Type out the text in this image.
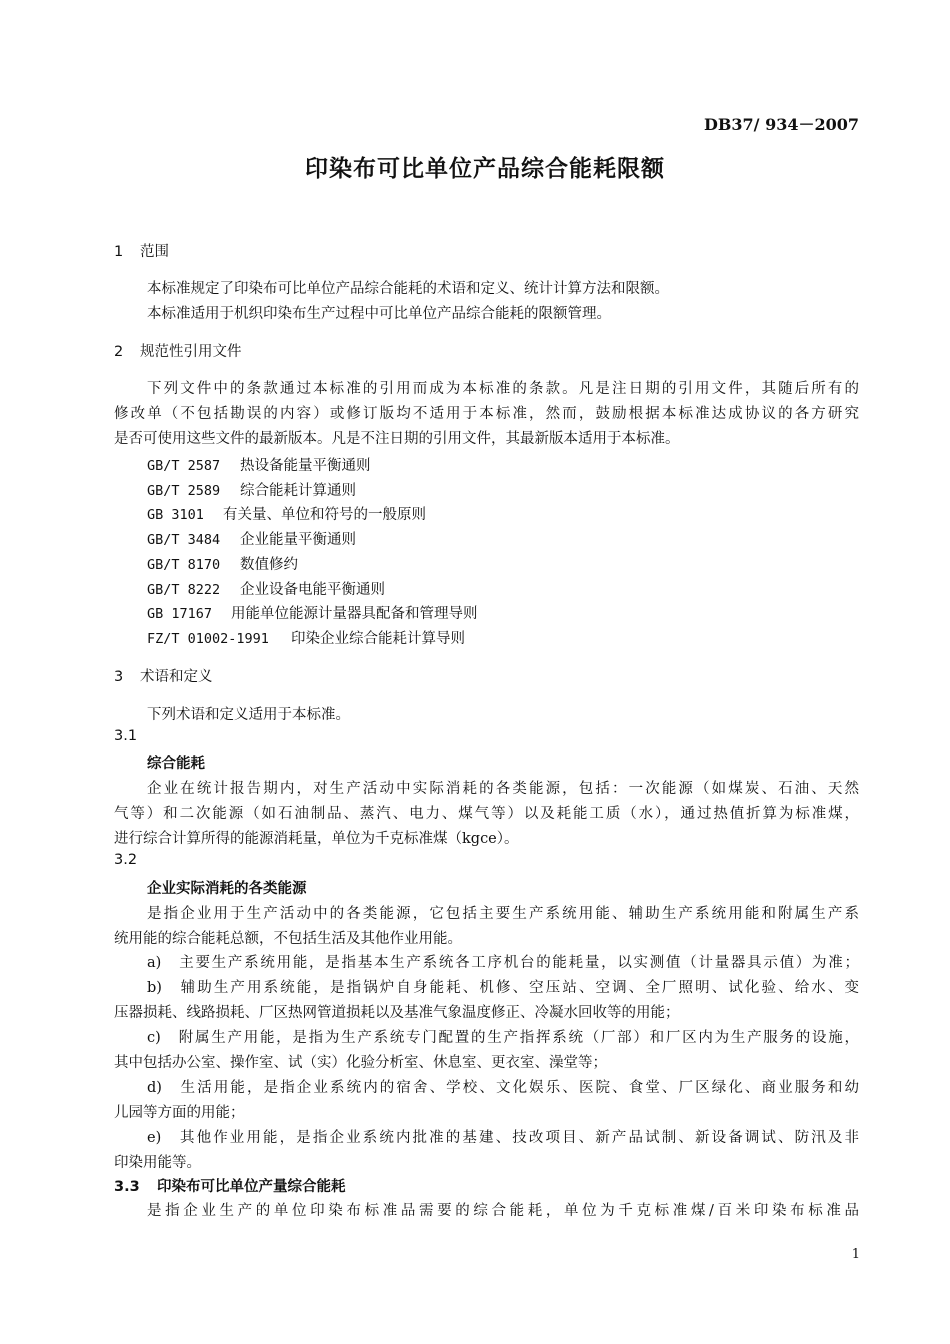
DB37/ 934－2007
印染布可比单位产品综合能耗限额
1 范围
本标准规定了印染布可比单位产品综合能耗的术语和定义、统计计算方法和限额。
本标准适用于机织印染布生产过程中可比单位产品综合能耗的限额管理。
2 规范性引用文件
下列文件中的条款通过本标准的引用而成为本标准的条款。凡是注日期的引用文件，其随后所有的
修改单（不包括勘误的内容）或修订版均不适用于本标准，然而，鼓励根据本标准达成协议的各方研究
是否可使用这些文件的最新版本。凡是不注日期的引用文件，其最新版本适用于本标准。
GB/T 2587 热设备能量平衡通则
GB/T 2589 综合能耗计算通则
GB 3101 有关量、单位和符号的一般原则
GB/T 3484 企业能量平衡通则
GB/T 8170 数值修约
GB/T 8222 企业设备电能平衡通则
GB 17167 用能单位能源计量器具配备和管理导则
FZ/T 01002-1991 印染企业综合能耗计算导则
3 术语和定义
下列术语和定义适用于本标准。
3.1
综合能耗
企业在统计报告期内，对生产活动中实际消耗的各类能源，包括：一次能源（如煤炭、石油、天然
气等）和二次能源（如石油制品、蒸汽、电力、煤气等）以及耗能工质（水），通过热值折算为标准煤，
进行综合计算所得的能源消耗量，单位为千克标准煤（kgce）。
3.2
企业实际消耗的各类能源
是指企业用于生产活动中的各类能源，它包括主要生产系统用能、辅助生产系统用能和附属生产系
统用能的综合能耗总额，不包括生活及其他作业用能。
a)　主要生产系统用能，是指基本生产系统各工序机台的能耗量，以实测值（计量器具示值）为准；
b)　辅助生产用系统能，是指锅炉自身能耗、机修、空压站、空调、全厂照明、试化验、给水、变
压器损耗、线路损耗、厂区热网管道损耗以及基准气象温度修正、冷凝水回收等的用能；
c)　附属生产用能，是指为生产系统专门配置的生产指挥系统（厂部）和厂区内为生产服务的设施，
其中包括办公室、操作室、试（实）化验分析室、休息室、更衣室、澡堂等；
d)　生活用能，是指企业系统内的宿舍、学校、文化娱乐、医院、食堂、厂区绿化、商业服务和幼
儿园等方面的用能；
e)　其他作业用能，是指企业系统内批准的基建、技改项目、新产品试制、新设备调试、防汛及非
印染用能等。
3.3 印染布可比单位产量综合能耗
是指企业生产的单位印染布标准品需要的综合能耗，单位为千克标准煤/百米印染布标准品
1
